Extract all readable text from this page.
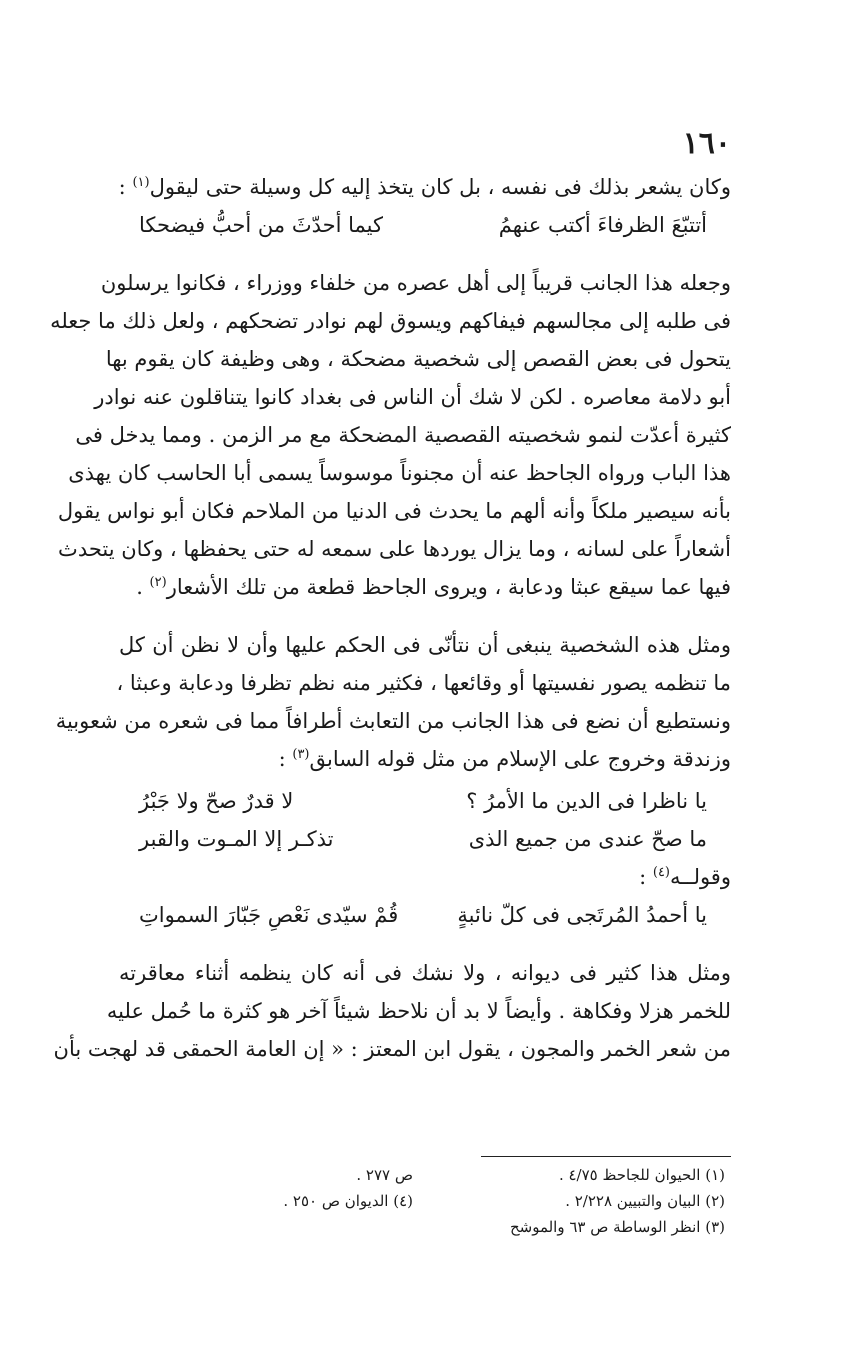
١٦٠
وكان يشعر بذلك فى نفسه ، بل كان يتخذ إليه كل وسيلة حتى ليقول$^{(١)}$ :
أتتبّعَ الظرفاءَ أكتب عنهمُ
كيما أحدّثَ من أحبُّ فيضحكا
وجعله هذا الجانب قريباً إلى أهل عصره من خلفاء ووزراء ، فكانوا يرسلون
فى طلبه إلى مجالسهم فيفاكهم ويسوق لهم نوادر تضحكهم ، ولعل ذلك ما جعله
يتحول فى بعض القصص إلى شخصية مضحكة ، وهى وظيفة كان يقوم بها
أبو دلامة معاصره . لكن لا شك أن الناس فى بغداد كانوا يتناقلون عنه نوادر
كثيرة أعدّت لنمو شخصيته القصصية المضحكة مع مر الزمن . ومما يدخل فى
هذا الباب ورواه الجاحظ عنه أن مجنوناً موسوساً يسمى أبا الحاسب كان يهذى
بأنه سيصير ملكاً وأنه ألهم ما يحدث فى الدنيا من الملاحم فكان أبو نواس يقول
أشعاراً على لسانه ، وما يزال يوردها على سمعه له حتى يحفظها ، وكان يتحدث
فيها عما سيقع عبثا ودعابة ، ويروى الجاحظ قطعة من تلك الأشعار$^{(٢)}$ .
ومثل هذه الشخصية ينبغى أن نتأنّى فى الحكم عليها وأن لا نظن أن كل
ما تنظمه يصور نفسيتها أو وقائعها ، فكثير منه نظم تظرفا ودعابة وعبثا ،
ونستطيع أن نضع فى هذا الجانب من التعابث أطرافاً مما فى شعره من شعوبية
وزندقة وخروج على الإسلام من مثل قوله السابق$^{(٣)}$ :
يا ناظرا فى الدين ما الأمرُ ؟
لا قدرٌ صحّ ولا جَبْرُ
ما صحّ عندى من جميع الذى
تذكـر إلا المـوت والقبر
وقولــه$^{(٤)}$ :
يا أحمدُ المُرتَجى فى كلّ نائبةٍ
قُمْ سيّدى نَعْصِ جَبّارَ السمواتِ
ومثل هذا كثير فى ديوانه ، ولا نشك فى أنه كان ينظمه أثناء معاقرته
للخمر هزلا وفكاهة . وأيضاً لا بد أن نلاحظ شيئاً آخر هو كثرة ما حُمل عليه
من شعر الخمر والمجون ، يقول ابن المعتز : « إن العامة الحمقى قد لهجت بأن
(١) الحيوان للجاحظ ٤/٧٥ .
ص ٢٧٧ .
(٢) البيان والتبيين ٢/٢٢٨ .
(٤) الديوان ص ٢٥٠ .
(٣) انظر الوساطة ص ٦٣ والموشح
